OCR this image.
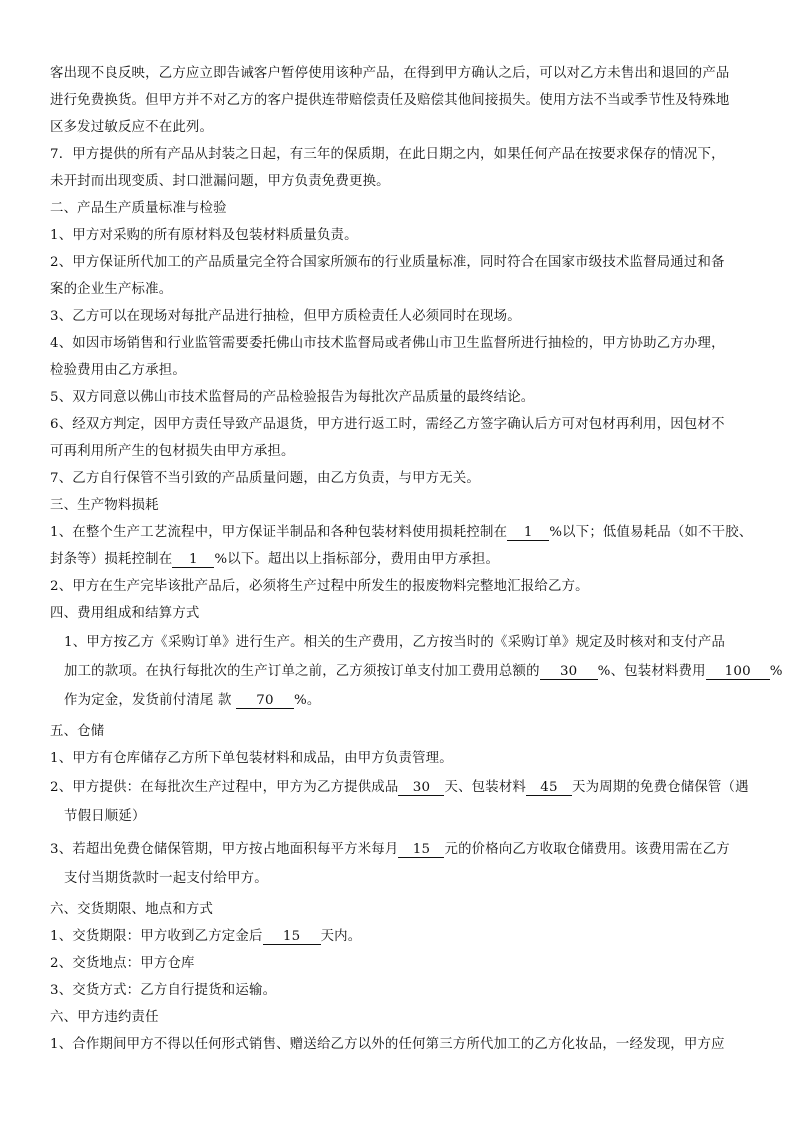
客出现不良反映，乙方应立即告诫客户暂停使用该种产品，在得到甲方确认之后，可以对乙方未售出和退回的产品
进行免费换货。但甲方并不对乙方的客户提供连带赔偿责任及赔偿其他间接损失。使用方法不当或季节性及特殊地
区多发过敏反应不在此列。
7．甲方提供的所有产品从封装之日起，有三年的保质期，在此日期之内，如果任何产品在按要求保存的情况下，
未开封而出现变质、封口泄漏问题，甲方负责免费更换。
二、产品生产质量标准与检验
1、甲方对采购的所有原材料及包装材料质量负责。
2、甲方保证所代加工的产品质量完全符合国家所颁布的行业质量标准，同时符合在国家市级技术监督局通过和备
案的企业生产标准。
3、乙方可以在现场对每批产品进行抽检，但甲方质检责任人必须同时在现场。
4、如因市场销售和行业监管需要委托佛山市技术监督局或者佛山市卫生监督所进行抽检的，甲方协助乙方办理，
检验费用由乙方承担。
5、双方同意以佛山市技术监督局的产品检验报告为每批次产品质量的最终结论。
6、经双方判定，因甲方责任导致产品退货，甲方进行返工时，需经乙方签字确认后方可对包材再利用，因包材不
可再利用所产生的包材损失由甲方承担。
7、乙方自行保管不当引致的产品质量问题，由乙方负责，与甲方无关。
三、生产物料损耗
1、在整个生产工艺流程中，甲方保证半制品和各种包装材料使用损耗控制在 1 %以下；低值易耗品（如不干胶、
封条等）损耗控制在 1 %以下。超出以上指标部分，费用由甲方承担。
2、甲方在生产完毕该批产品后，必须将生产过程中所发生的报废物料完整地汇报给乙方。
四、费用组成和结算方式
1、甲方按乙方《采购订单》进行生产。相关的生产费用，乙方按当时的《采购订单》规定及时核对和支付产品
加工的款项。在执行每批次的生产订单之前，乙方须按订单支付加工费用总额的 30 %、包装材料费用 100 %
作为定金，发货前付清尾 款 70 %。
五、仓储
1、甲方有仓库储存乙方所下单包装材料和成品，由甲方负责管理。
2、甲方提供：在每批次生产过程中，甲方为乙方提供成品 30 天、包装材料 45 天为周期的免费仓储保管（遇
节假日顺延）
3、若超出免费仓储保管期，甲方按占地面积每平方米每月 15 元的价格向乙方收取仓储费用。该费用需在乙方
支付当期货款时一起支付给甲方。
六、交货期限、地点和方式
1、交货期限：甲方收到乙方定金后 15 天内。
2、交货地点：甲方仓库
3、交货方式：乙方自行提货和运输。
六、甲方违约责任
1、合作期间甲方不得以任何形式销售、赠送给乙方以外的任何第三方所代加工的乙方化妆品，一经发现，甲方应
